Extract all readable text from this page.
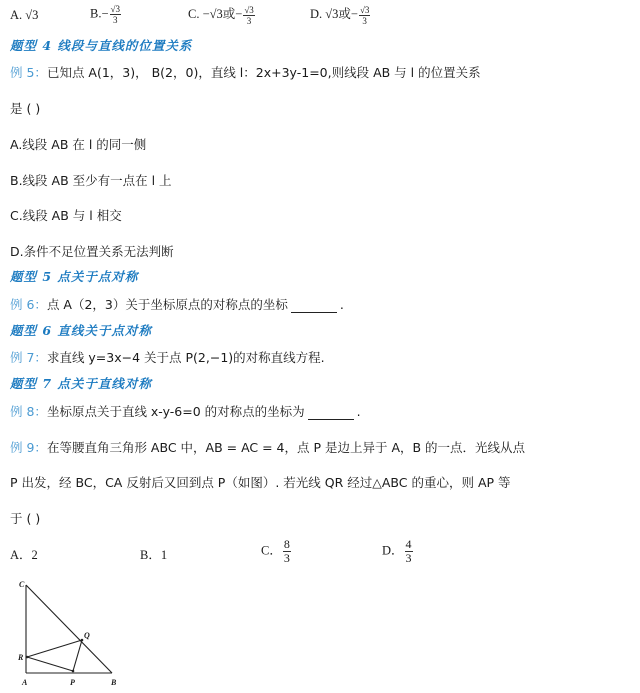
A. √3	$B.- \frac{√3}{3}$	C. −√3或− $\frac{√3}{3}$	D. √3或− $\frac{√3}{3}$
题型 4 线段与直线的位置关系
例 5：已知点 A(1，3)， B(2，0)，直线 l：2x+3y-1=0,则线段 AB 与 l 的位置关系
是 ( )
A.线段 AB 在 l 的同一侧
B.线段 AB 至少有一点在 l 上
C.线段 AB 与 l 相交
D.条件不足位置关系无法判断
题型 5 点关于点对称
例 6：点 A（2，3）关于坐标原点的对称点的坐标	.
题型 6 直线关于点对称
例 7：求直线 y=3x−4 关于点 P(2,−1)的对称直线方程.
题型 7 点关于直线对称
例 8：坐标原点关于直线 x-y-6=0 的对称点的坐标为	.
例 9：在等腰直角三角形 ABC 中，AB = AC = 4，点 P 是边上异于 A，B 的一点．光线从点
P 出发，经 BC，CA 反射后又回到点 P（如图）. 若光线 QR 经过△ABC 的重心，则 AP 等
于 ( )
A．2	B．1	C． $\frac{8}{3}$	D． $\frac{4}{3}$
C
A	B
Q
R
P
